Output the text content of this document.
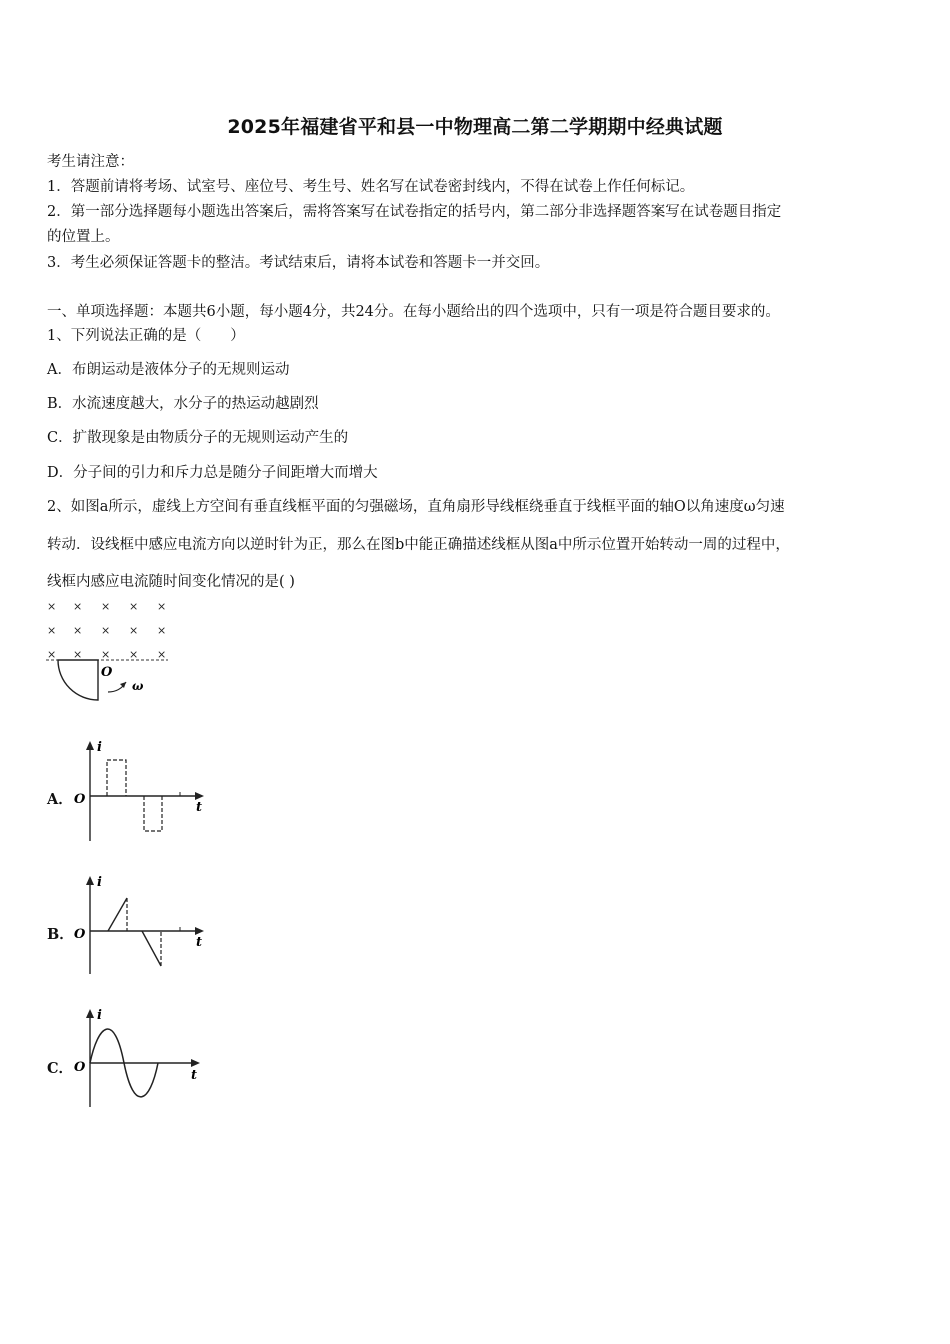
2025年福建省平和县一中物理高二第二学期期中经典试题
考生请注意：
1．答题前请将考场、试室号、座位号、考生号、姓名写在试卷密封线内，不得在试卷上作任何标记。
2．第一部分选择题每小题选出答案后，需将答案写在试卷指定的括号内，第二部分非选择题答案写在试卷题目指定
的位置上。
3．考生必须保证答题卡的整洁。考试结束后，请将本试卷和答题卡一并交回。
一、单项选择题：本题共6小题，每小题4分，共24分。在每小题给出的四个选项中，只有一项是符合题目要求的。
1、下列说法正确的是（　　）
A．布朗运动是液体分子的无规则运动
B．水流速度越大，水分子的热运动越剧烈
C．扩散现象是由物质分子的无规则运动产生的
D．分子间的引力和斥力总是随分子间距增大而增大
2、如图a所示，虚线上方空间有垂直线框平面的匀强磁场，直角扇形导线框绕垂直于线框平面的轴O以角速度ω匀速
转动．设线框中感应电流方向以逆时针为正，那么在图b中能正确描述线框从图a中所示位置开始转动一周的过程中，
线框内感应电流随时间变化情况的是( )
× × × × ×
× × × × ×
× × × × ×
O
ω
A．
i
t
O
B．
i
t
O
C．
i
t
O
